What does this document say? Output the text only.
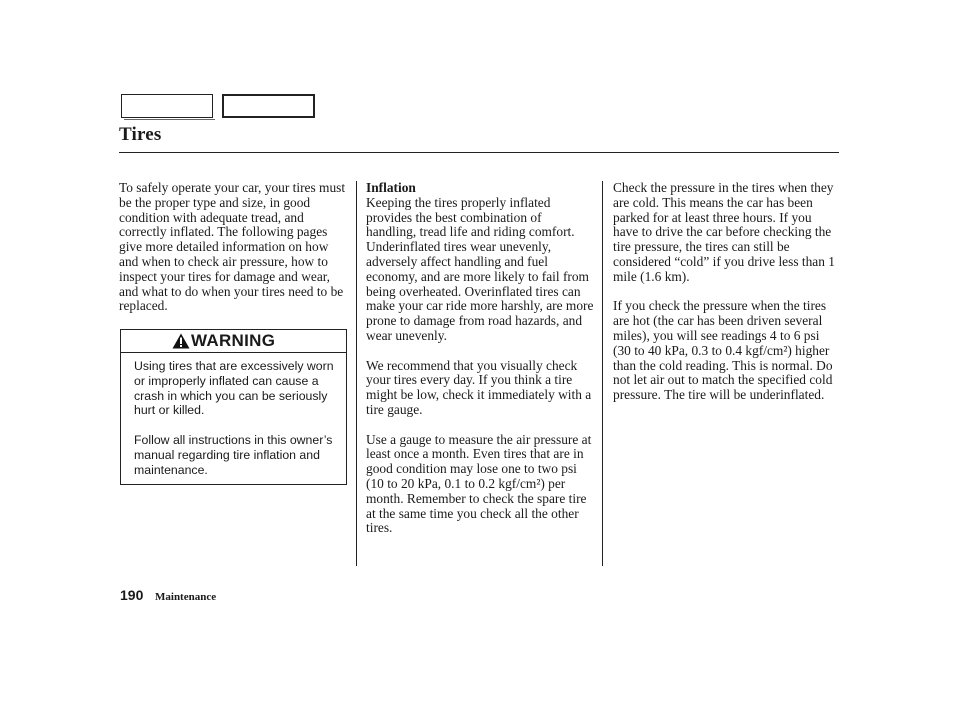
Tires

To safely operate your car, your tires must be the proper type and size, in good condition with adequate tread, and correctly inflated. The following pages give more detailed information on how and when to check air pressure, how to inspect your tires for damage and wear, and what to do when your tires need to be replaced.

WARNING

Using tires that are excessively worn or improperly inflated can cause a crash in which you can be seriously hurt or killed.

Follow all instructions in this owner’s manual regarding tire inflation and maintenance.

Inflation

Keeping the tires properly inflated provides the best combination of handling, tread life and riding comfort. Underinflated tires wear unevenly, adversely affect handling and fuel economy, and are more likely to fail from being overheated. Overinflated tires can make your car ride more harshly, are more prone to damage from road hazards, and wear unevenly.

We recommend that you visually check your tires every day. If you think a tire might be low, check it immediately with a tire gauge.

Use a gauge to measure the air pressure at least once a month. Even tires that are in good condition may lose one to two psi (10 to 20 kPa, 0.1 to 0.2 kgf/cm²) per month. Remember to check the spare tire at the same time you check all the other tires.

Check the pressure in the tires when they are cold. This means the car has been parked for at least three hours. If you have to drive the car before checking the tire pressure, the tires can still be considered “cold” if you drive less than 1 mile (1.6 km).

If you check the pressure when the tires are hot (the car has been driven several miles), you will see readings 4 to 6 psi (30 to 40 kPa, 0.3 to 0.4 kgf/cm²) higher than the cold reading. This is normal. Do not let air out to match the specified cold pressure. The tire will be underinflated.

190 Maintenance
